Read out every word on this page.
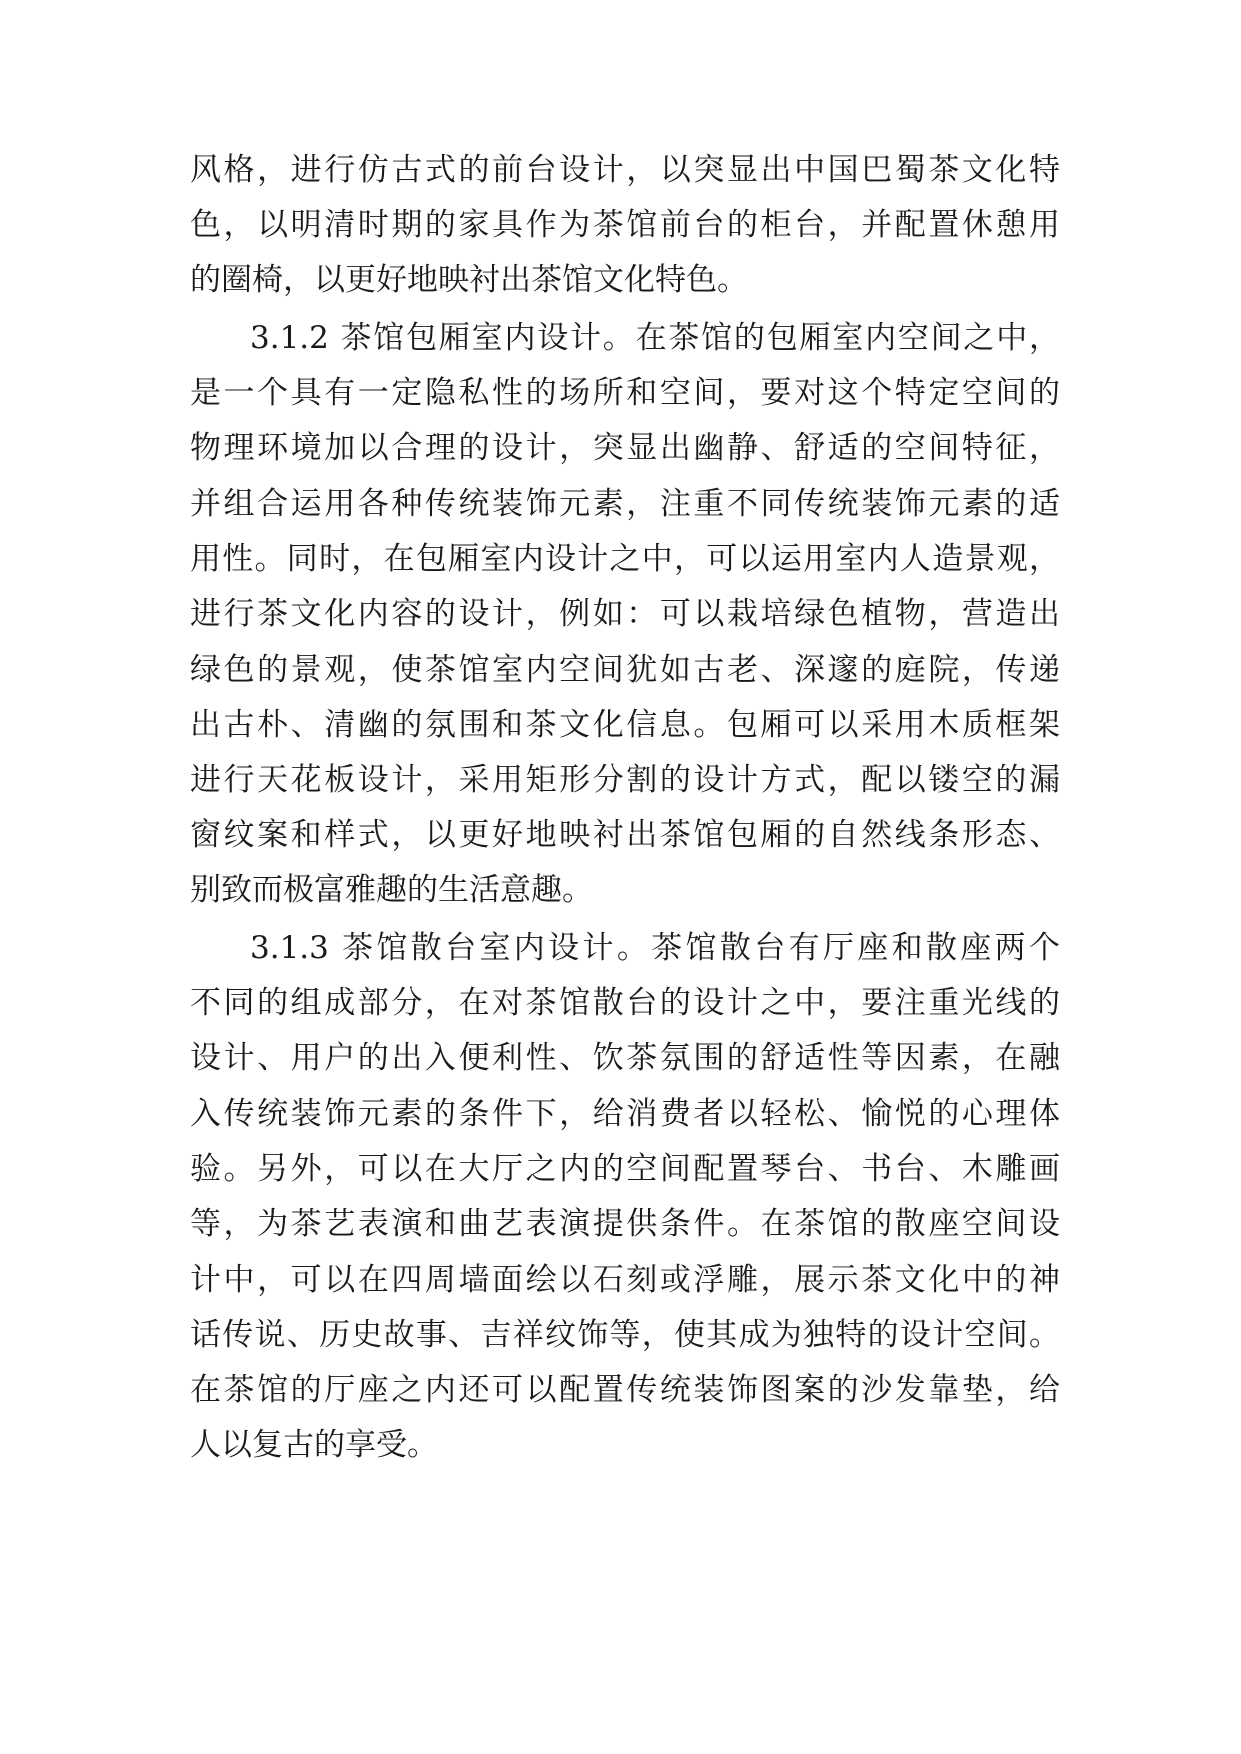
风格，进行仿古式的前台设计，以突显出中国巴蜀茶文化特
色，以明清时期的家具作为茶馆前台的柜台，并配置休憩用
的圈椅，以更好地映衬出茶馆文化特色。
3.1.2 茶馆包厢室内设计。在茶馆的包厢室内空间之中，
是一个具有一定隐私性的场所和空间，要对这个特定空间的
物理环境加以合理的设计，突显出幽静、舒适的空间特征，
并组合运用各种传统装饰元素，注重不同传统装饰元素的适
用性。同时，在包厢室内设计之中，可以运用室内人造景观，
进行茶文化内容的设计，例如：可以栽培绿色植物，营造出
绿色的景观，使茶馆室内空间犹如古老、深邃的庭院，传递
出古朴、清幽的氛围和茶文化信息。包厢可以采用木质框架
进行天花板设计，采用矩形分割的设计方式，配以镂空的漏
窗纹案和样式，以更好地映衬出茶馆包厢的自然线条形态、
别致而极富雅趣的生活意趣。
3.1.3 茶馆散台室内设计。茶馆散台有厅座和散座两个
不同的组成部分，在对茶馆散台的设计之中，要注重光线的
设计、用户的出入便利性、饮茶氛围的舒适性等因素，在融
入传统装饰元素的条件下，给消费者以轻松、愉悦的心理体
验。另外，可以在大厅之内的空间配置琴台、书台、木雕画
等，为茶艺表演和曲艺表演提供条件。在茶馆的散座空间设
计中，可以在四周墙面绘以石刻或浮雕，展示茶文化中的神
话传说、历史故事、吉祥纹饰等，使其成为独特的设计空间。
在茶馆的厅座之内还可以配置传统装饰图案的沙发靠垫，给
人以复古的享受。
